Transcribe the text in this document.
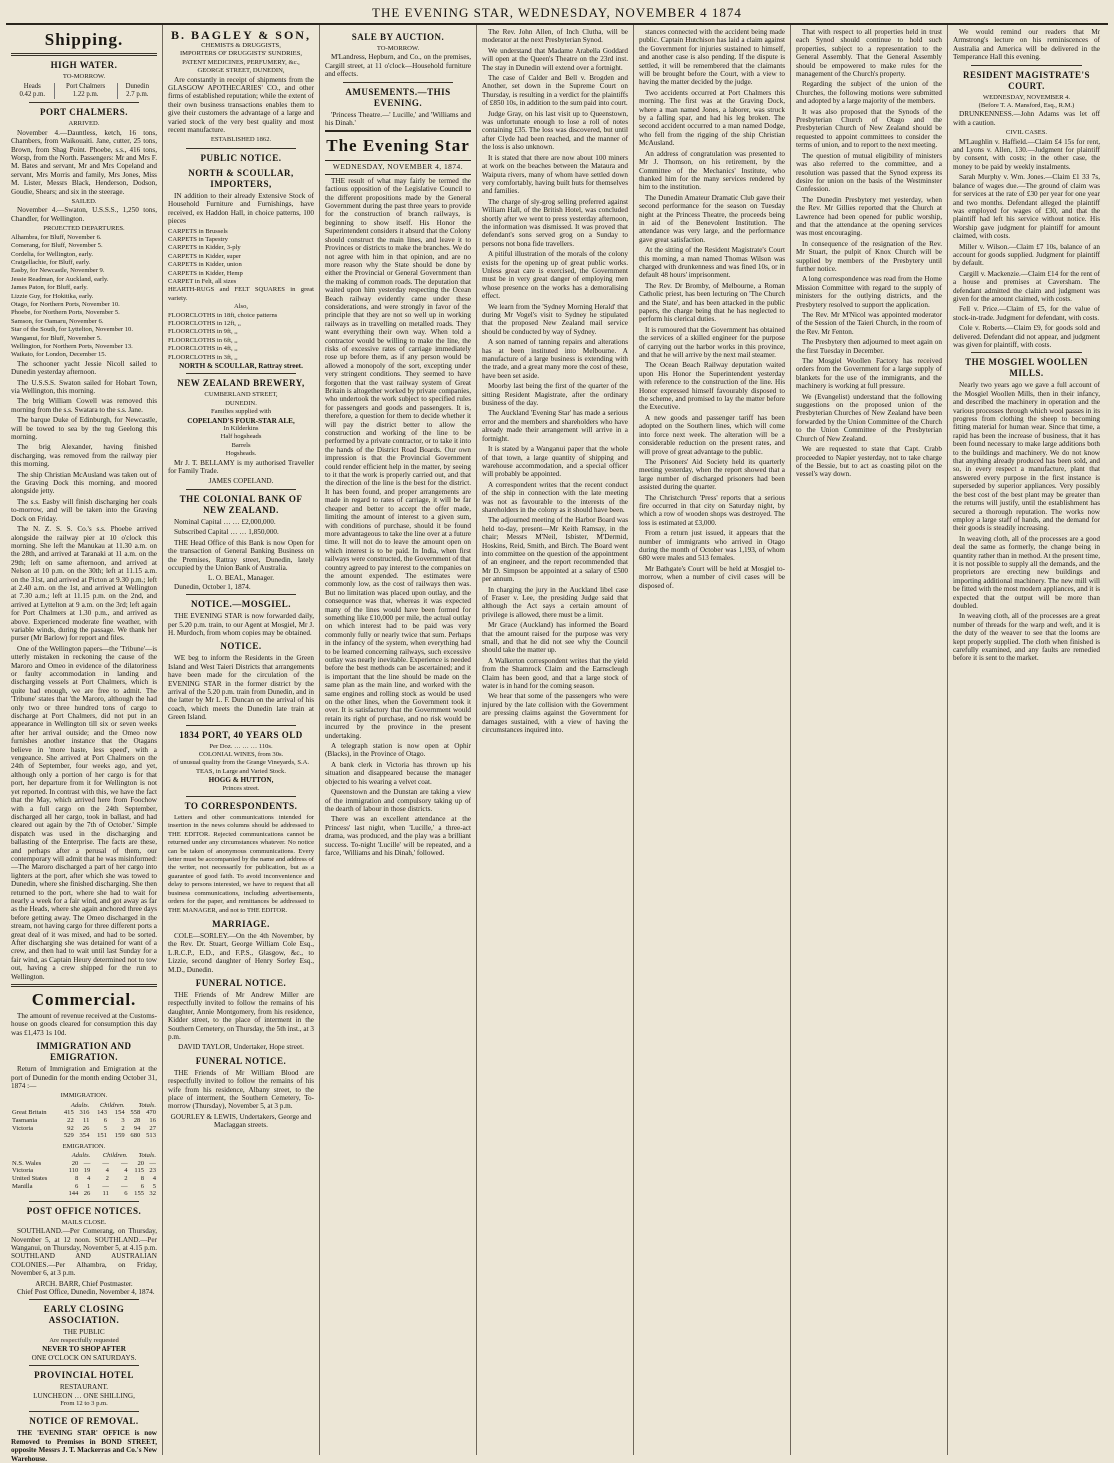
THE EVENING STAR, WEDNESDAY, NOVEMBER 4 1874
Shipping.
HIGH WATER.
TO-MORROW.
Heads
0.42 p.m.	Port Chalmers
1.22 p.m.	Dunedin
2.7 p.m.
PORT CHALMERS.
ARRIVED.

November 4.—Dauntless, ketch, 16 tons, Chambers, from Waikouaiti. Jane, cutter, 25 tons, Brown, from Shag Point. Phoebe, s.s., 416 tons, Worsp, from the North. Passengers: Mr and Mrs F. M. Bates and servant, Mr and Mrs Copeland and servant, Mrs Morris and family, Mrs Jones, Miss M. Lister, Messrs Black, Henderson, Dodson, Goudie, Shears; and six in the steerage.

SAILED.

November 4.—Swaton, U.S.S.S., 1,250 tons, Chandler, for Wellington.

PROJECTED DEPARTURES.
Alhambra, for Bluff, November 6.
Comerang, for Bluff, November 5.
Cordelia, for Wellington, early.
Craigellachie, for Bluff, early.
Easby, for Newcastle, November 9.
Jessie Readman, for Auckland, early.
James Paton, for Bluff, early.
Lizzie Guy, for Hokitika, early.
Otago, for Northern Ports, November 10.
Phoebe, for Northern Ports, November 5.
Samson, for Oamaru, November 6.
Star of the South, for Lyttelton, November 10.
Wanganui, for Bluff, November 5.
Wellington, for Northern Ports, November 13.
Waikato, for London, December 15.

The schooner yacht Jessie Nicoll sailed to Dunedin yesterday afternoon.

The U.S.S.S. Swaton sailed for Hobart Town, via Wellington, this morning.

The brig William Cowell was removed this morning from the s.s. Swatara to the s.s. Jane.

The barque Duke of Edinburgh, for Newcastle, will be towed to sea by the tug Geelong this morning.

The brig Alexander, having finished discharging, was removed from the railway pier this morning.

The ship Christian McAusland was taken out of the Graving Dock this morning, and moored alongside jetty.

The s.s. Easby will finish discharging her coals to-morrow, and will be taken into the Graving Dock on Friday.

The N. Z. S. S. Co.'s s.s. Phoebe arrived alongside the railway pier at 10 o'clock this morning. She left the Manukau at 11.30 a.m. on the 28th, and arrived at Taranaki at 11 a.m. on the 29th; left on same afternoon, and arrived at Nelson at 10 p.m. on the 30th; left at 11.15 a.m. on the 31st, and arrived at Picton at 9.30 p.m.; left at 2.40 a.m. on the 1st, and arrived at Wellington at 7.30 a.m.; left at 11.15 p.m. on the 2nd, and arrived at Lyttelton at 9 a.m. on the 3rd; left again for Port Chalmers at 1.30 p.m., and arrived as above. Experienced moderate fine weather, with variable winds, during the passage. We thank her purser (Mr Barlow) for report and files.

One of the Wellington papers—the 'Tribune'—is utterly mistaken in reckoning the cause of the Maroro and Omeo in evidence of the dilatoriness or faulty accommodation in landing and discharging vessels at Port Chalmers, which is quite bad enough, we are free to admit. The 'Tribune' states that 'the Maroro, although the had only two or three hundred tons of cargo to discharge at Port Chalmers, did not put in an appearance in Wellington till six or seven weeks after her arrival outside; and the Omeo now furnishes another instance that the Otagans believe in 'more haste, less speed', with a vengeance. She arrived at Port Chalmers on the 24th of September, four weeks ago, and yet, although only a portion of her cargo is for that port, her departure from it for Wellington is not yet reported. In contrast with this, we have the fact that the May, which arrived here from Foochow with a full cargo on the 24th September, discharged all her cargo, took in ballast, and had cleared out again by the 7th of October.' Simple dispatch was used in the discharging and ballasting of the Enterprise. The facts are these, and perhaps after a perusal of them, our contemporary will admit that he was misinformed:—The Maroro discharged a part of her cargo into lighters at the port, after which she was towed to Dunedin, where she finished discharging. She then returned to the port, where she had to wait for nearly a week for a fair wind, and got away as far as the Heads, where she again anchored three days before getting away. The Omeo discharged in the stream, not having cargo for three different ports a great deal of it was mixed, and had to be sorted. After discharging she was detained for want of a crew, and then had to wait until last Sunday for a fair wind, as Captain Heury determined not to tow out, having a crew shipped for the run to Wellington.

Commercial.

The amount of revenue received at the Customs-house on goods cleared for consumption this day was £1,473 1s 10d.

IMMIGRATION AND EMIGRATION.

Return of Immigration and Emigration at the port of Dunedin for the month ending October 31, 1874 :—

IMMIGRATION.
	Adults.		Children.		Totals.	
Great Britain	415	316	143	154	558	470
Tasmania	22	11	6	3	28	16
Victoria	92	26	5	2	94	27
	529	354	151	159	680	513
EMIGRATION.
	Adults.		Children.		Totals.	
N.S. Wales	20	—	—	—	20	—
Victoria	110	19	4	4	115	23
United States	8	4	2	2	8	4
Manilla	6	1	—	—	6	5
	144	26	11	6	155	32
POST OFFICE NOTICES.
MAILS CLOSE.

SOUTHLAND.—Per Comerang, on Thursday, November 5, at 12 noon. SOUTHLAND.—Per Wanganui, on Thursday, November 5, at 4.15 p.m. SOUTHLAND AND AUSTRALIAN COLONIES.—Per Alhambra, on Friday, November 6, at 3 p.m.

ARCH. BARR, Chief Postmaster.

Chief Post Office, Dunedin, November 4, 1874.

EARLY CLOSING ASSOCIATION.
THE PUBLIC
Are respectfully requested
NEVER TO SHOP AFTER
ONE O'CLOCK ON SATURDAYS.
PROVINCIAL HOTEL
RESTAURANT.
LUNCHEON … ONE SHILLING,
From 12 to 3 p.m.
NOTICE OF REMOVAL.

THE 'EVENING STAR' OFFICE is now Removed to Premises in BOND STREET, opposite Messrs J. T. Mackerras and Co.'s New Warehouse.

B. BAGLEY & SON,
CHEMISTS & DRUGGISTS,
IMPORTERS OF DRUGGISTS' SUNDRIES, PATENT MEDICINES, PERFUMERY, &c.,
GEORGE STREET, DUNEDIN,

Are constantly in receipt of shipments from the GLASGOW APOTHECARIES' CO., and other firms of established reputation; while the extent of their own business transactions enables them to give their customers the advantage of a large and varied stock of the very best quality and most recent manufacture.

ESTABLISHED 1862.
PUBLIC NOTICE.
NORTH & SCOULLAR, IMPORTERS,

IN addition to their already Extensive Stock of Household Furniture and Furnishings, have received, ex Haddon Hall, in choice patterns, 100 pieces

CARPETS in Brussels
CARPETS in Tapestry
CARPETS in Kidder, 3-ply
CARPETS in Kidder, super
CARPETS in Kidder, union
CARPETS in Kidder, Hemp
CARPET in Felt, all sizes
HEARTH-RUGS and FELT SQUARES in great variety.
Also,
FLOORCLOTHS in 18ft, choice patterns
FLOORCLOTHS in 12ft, ,,
FLOORCLOTHS in 9ft, ,,
FLOORCLOTHS in 6ft, ,,
FLOORCLOTHS in 4ft, ,,
FLOORCLOTHS in 3ft, ,,
NORTH & SCOULLAR, Rattray street.
NEW ZEALAND BREWERY,
CUMBERLAND STREET,
DUNEDIN.
Families supplied with
COPELAND'S FOUR-STAR ALE,
In Kilderkins
Half hogsheads
Barrels
Hogsheads.

Mr J. T. BELLAMY is my authorised Traveller for Family Trade.

JAMES COPELAND.
THE COLONIAL BANK OF NEW ZEALAND.

Nominal Capital … … £2,000,000.

Subscribed Capital … … 1,850,000.

THE Head Office of this Bank is now Open for the transaction of General Banking Business on the Premises, Rattray street, Dunedin, lately occupied by the Union Bank of Australia.

L. O. BEAL, Manager.

Dunedin, October 1, 1874.

NOTICE.—MOSGIEL.

THE EVENING STAR is now forwarded daily, per 5.20 p.m. train, to our Agent at Mosgiel, Mr J. H. Murdoch, from whom copies may be obtained.

NOTICE.

WE beg to inform the Residents in the Green Island and West Taieri Districts that arrangements have been made for the circulation of the EVENING STAR in the former district by the arrival of the 5.20 p.m. train from Dunedin, and in the latter by Mr L. F. Duncan on the arrival of his coach, which meets the Dunedin late train at Green Island.

1834 PORT, 40 YEARS OLD
Per Doz. … … … 110s.
COLONIAL WINES, from 30s.
of unusual quality from the Grange Vineyards, S.A.
TEAS, in Large and Varied Stock.
HOGG & HUTTON,
Princes street.
TO CORRESPONDENTS.

Letters and other communications intended for insertion in the news columns should be addressed to THE EDITOR. Rejected communications cannot be returned under any circumstances whatever. No notice can be taken of anonymous communications. Every letter must be accompanied by the name and address of the writer, not necessarily for publication, but as a guarantee of good faith. To avoid inconvenience and delay to persons interested, we have to request that all business communications, including advertisements, orders for the paper, and remittances be addressed to THE MANAGER, and not to THE EDITOR.

MARRIAGE.

COLE—SORLEY.—On the 4th November, by the Rev. Dr. Stuart, George William Cole Esq., L.R.C.P., E.D., and F.P.S., Glasgow, &c., to Lizzie, second daughter of Henry Sorley Esq., M.D., Dunedin.

FUNERAL NOTICE.

THE Friends of Mr Andrew Miller are respectfully invited to follow the remains of his daughter, Annie Montgomery, from his residence, Kidder street, to the place of interment in the Southern Cemetery, on Thursday, the 5th inst., at 3 p.m.

DAVID TAYLOR, Undertaker, Hope street.
FUNERAL NOTICE.

THE Friends of Mr William Blood are respectfully invited to follow the remains of his wife from his residence, Albany street, to the place of interment, the Southern Cemetery, To-morrow (Thursday), November 5, at 3 p.m.

GOURLEY & LEWIS, Undertakers, George and Maclaggan streets.
SALE BY AUCTION.
TO-MORROW.

M'Landress, Hepburn, and Co., on the premises, Cargill street, at 11 o'clock—Household furniture and effects.

AMUSEMENTS.—THIS EVENING.

'Princess Theatre.—' Lucille,' and 'Williams and his Dinah.'

The Evening Star
WEDNESDAY, NOVEMBER 4, 1874.

THE result of what may fairly be termed the factious opposition of the Legislative Council to the different propositions made by the General Government during the past three years to provide for the construction of branch railways, is beginning to show itself. His Honor the Superintendent considers it absurd that the Colony should construct the main lines, and leave it to Provinces or districts to make the branches. We do not agree with him in that opinion, and are no more reason why the State should be done by either the Provincial or General Government than the making of common roads. The deputation that waited upon him yesterday respecting the Ocean Beach railway evidently came under these considerations, and were strongly in favor of the principle that they are not so well up in working railways as in travelling on metalled roads. They want everything their own way. When told a contractor would be willing to make the line, the risks of excessive rates of carriage immediately rose up before them, as if any person would be allowed a monopoly of the sort, excepting under very stringent conditions. They seemed to have forgotten that the vast railway system of Great Britain is altogether worked by private companies, who undertook the work subject to specified rules for passengers and goods and passengers. It is, therefore, a question for them to decide whether it will pay the district better to allow the construction and working of the line to be performed by a private contractor, or to take it into the hands of the District Road Boards. Our own impression is that the Provincial Government could render efficient help in the matter, by seeing to it that the work is properly carried out, and that the direction of the line is the best for the district. It has been found, and proper arrangements are made in regard to rates of carriage, it will be far cheaper and better to accept the offer made, limiting the amount of interest to a given sum, with conditions of purchase, should it be found more advantageous to take the line over at a future time. It will not do to leave the amount open on which interest is to be paid. In India, when first railways were constructed, the Government of that country agreed to pay interest to the companies on the amount expended. The estimates were commonly low, as the cost of railways then was. But no limitation was placed upon outlay, and the consequence was that, whereas it was expected many of the lines would have been formed for something like £10,000 per mile, the actual outlay on which interest had to be paid was very commonly fully or nearly twice that sum. Perhaps in the infancy of the system, when everything had to be learned concerning railways, such excessive outlay was nearly inevitable. Experience is needed before the best methods can be ascertained; and it is important that the line should be made on the same plan as the main line, and worked with the same engines and rolling stock as would be used on the other lines, when the Government took it over. It is satisfactory that the Government would retain its right of purchase, and no risk would be incurred by the province in the present undertaking.

A telegraph station is now open at Ophir (Blacks), in the Province of Otago.

A bank clerk in Victoria has thrown up his situation and disappeared because the manager objected to his wearing a velvet coat.

Queenstown and the Dunstan are taking a view of the immigration and compulsory taking up of the dearth of labour in those districts.

There was an excellent attendance at the Princess' last night, when 'Lucille,' a three-act drama, was produced, and the play was a brilliant success. To-night 'Lucille' will be repeated, and a farce, 'Williams and his Dinah,' followed.

The Rev. John Allen, of Inch Clutha, will be moderator at the next Presbyterian Synod.

We understand that Madame Arabella Goddard will open at the Queen's Theatre on the 23rd inst. The stay in Dunedin will extend over a fortnight.

The case of Calder and Bell v. Brogden and Another, set down in the Supreme Court on Thursday, is resulting in a verdict for the plaintiffs of £850 10s, in addition to the sum paid into court.

Judge Gray, on his last visit up to Queenstown, was unfortunate enough to lose a roll of notes containing £35. The loss was discovered, but until after Clyde had been reached, and the manner of the loss is also unknown.

It is stated that there are now about 100 miners at work on the beaches between the Mataura and Waiputa rivers, many of whom have settled down very comfortably, having built huts for themselves and families.

The charge of sly-grog selling preferred against William Hall, of the British Hotel, was concluded shortly after we went to press yesterday afternoon, the information was dismissed. It was proved that defendant's sons served grog on a Sunday to persons not bona fide travellers.

A pitiful illustration of the morals of the colony exists for the opening up of great public works. Unless great care is exercised, the Government must be in very great danger of employing men whose presence on the works has a demoralising effect.

We learn from the 'Sydney Morning Herald' that during Mr Vogel's visit to Sydney he stipulated that the proposed New Zealand mail service should be conducted by way of Sydney.

A son named of tanning repairs and alterations has at been instituted into Melbourne. A manufacture of a large business is extending with the trade, and a great many more the cost of these, have been set aside.

Moorby last being the first of the quarter of the sitting Resident Magistrate, after the ordinary business of the day.

The Auckland 'Evening Star' has made a serious error and the members and shareholders who have already made their arrangement will arrive in a fortnight.

It is stated by a Wanganui paper that the whole of that town, a large quantity of shipping and warehouse accommodation, and a special officer will probably be appointed.

A correspondent writes that the recent conduct of the ship in connection with the late meeting was not as favourable to the interests of the shareholders in the colony as it should have been.

The adjourned meeting of the Harbor Board was held to-day, present—Mr Keith Ramsay, in the chair; Messrs M'Neil, Isbister, M'Dermid, Hoskins, Reid, Smith, and Birch. The Board went into committee on the question of the appointment of an engineer, and the report recommended that Mr D. Simpson be appointed at a salary of £500 per annum.

In charging the jury in the Auckland libel case of Fraser v. Lee, the presiding Judge said that although the Act says a certain amount of privilege is allowed, there must be a limit.

Mr Grace (Auckland) has informed the Board that the amount raised for the purpose was very small, and that he did not see why the Council should take the matter up.

A Walkerton correspondent writes that the yield from the Shamrock Claim and the Earnscleugh Claim has been good, and that a large stock of water is in hand for the coming season.

We hear that some of the passengers who were injured by the late collision with the Government are pressing claims against the Government for damages sustained, with a view of having the circumstances inquired into.

stances connected with the accident being made public. Captain Hutchison has laid a claim against the Government for injuries sustained to himself, and another case is also pending. If the dispute is settled, it will be remembered that the claimants will be brought before the Court, with a view to having the matter decided by the judge.

Two accidents occurred at Port Chalmers this morning. The first was at the Graving Dock, where a man named Jones, a laborer, was struck by a falling spar, and had his leg broken. The second accident occurred to a man named Dodge, who fell from the rigging of the ship Christian McAusland.

An address of congratulation was presented to Mr J. Thomson, on his retirement, by the Committee of the Mechanics' Institute, who thanked him for the many services rendered by him to the institution.

The Dunedin Amateur Dramatic Club gave their second performance for the season on Tuesday night at the Princess Theatre, the proceeds being in aid of the Benevolent Institution. The attendance was very large, and the performance gave great satisfaction.

At the sitting of the Resident Magistrate's Court this morning, a man named Thomas Wilson was charged with drunkenness and was fined 10s, or in default 48 hours' imprisonment.

The Rev. Dr Bromby, of Melbourne, a Roman Catholic priest, has been lecturing on 'The Church and the State', and has been attacked in the public papers, the charge being that he has neglected to perform his clerical duties.

It is rumoured that the Government has obtained the services of a skilled engineer for the purpose of carrying out the harbor works in this province, and that he will arrive by the next mail steamer.

The Ocean Beach Railway deputation waited upon His Honor the Superintendent yesterday with reference to the construction of the line. His Honor expressed himself favourably disposed to the scheme, and promised to lay the matter before the Executive.

A new goods and passenger tariff has been adopted on the Southern lines, which will come into force next week. The alteration will be a considerable reduction on the present rates, and will prove of great advantage to the public.

The Prisoners' Aid Society held its quarterly meeting yesterday, when the report showed that a large number of discharged prisoners had been assisted during the quarter.

The Christchurch 'Press' reports that a serious fire occurred in that city on Saturday night, by which a row of wooden shops was destroyed. The loss is estimated at £3,000.

From a return just issued, it appears that the number of immigrants who arrived in Otago during the month of October was 1,193, of whom 680 were males and 513 females.

Mr Bathgate's Court will be held at Mosgiel to-morrow, when a number of civil cases will be disposed of.

That with respect to all properties held in trust each Synod should continue to hold such properties, subject to a representation to the General Assembly. That the General Assembly should be empowered to make rules for the management of the Church's property.

Regarding the subject of the union of the Churches, the following motions were submitted and adopted by a large majority of the members.

It was also proposed that the Synods of the Presbyterian Church of Otago and the Presbyterian Church of New Zealand should be requested to appoint committees to consider the terms of union, and to report to the next meeting.

The question of mutual eligibility of ministers was also referred to the committee, and a resolution was passed that the Synod express its desire for union on the basis of the Westminster Confession.

The Dunedin Presbytery met yesterday, when the Rev. Mr Gillies reported that the Church at Lawrence had been opened for public worship, and that the attendance at the opening services was most encouraging.

In consequence of the resignation of the Rev. Mr Stuart, the pulpit of Knox Church will be supplied by members of the Presbytery until further notice.

A long correspondence was read from the Home Mission Committee with regard to the supply of ministers for the outlying districts, and the Presbytery resolved to support the application.

The Rev. Mr M'Nicol was appointed moderator of the Session of the Taieri Church, in the room of the Rev. Mr Fenton.

The Presbytery then adjourned to meet again on the first Tuesday in December.

The Mosgiel Woollen Factory has received orders from the Government for a large supply of blankets for the use of the immigrants, and the machinery is working at full pressure.

We (Evangelist) understand that the following suggestions on the proposed union of the Presbyterian Churches of New Zealand have been forwarded by the Union Committee of the Church to the Union Committee of the Presbyterian Church of New Zealand.

We are requested to state that Capt. Crabb proceeded to Napier yesterday, not to take charge of the Bessie, but to act as coasting pilot on the vessel's way down.

We would remind our readers that Mr Armstrong's lecture on his reminiscences of Australia and America will be delivered in the Temperance Hall this evening.

RESIDENT MAGISTRATE'S COURT.
WEDNESDAY, NOVEMBER 4.
(Before T. A. Mansford, Esq., R.M.)

DRUNKENNESS.—John Adams was let off with a caution.

CIVIL CASES.

M'Laughlin v. Haffield.—Claim £4 15s for rent, and Lyons v. Allen, 130.—Judgment for plaintiff by consent, with costs; in the other case, the money to be paid by weekly instalments.

Sarah Murphy v. Wm. Jones.—Claim £1 33 7s, balance of wages due.—The ground of claim was for services at the rate of £30 per year for one year and two months. Defendant alleged the plaintiff was employed for wages of £30, and that the plaintiff had left his service without notice. His Worship gave judgment for plaintiff for amount claimed, with costs.

Miller v. Wilson.—Claim £7 10s, balance of an account for goods supplied. Judgment for plaintiff by default.

Cargill v. Mackenzie.—Claim £14 for the rent of a house and premises at Caversham. The defendant admitted the claim and judgment was given for the amount claimed, with costs.

Fell v. Price.—Claim of £5, for the value of stock-in-trade. Judgment for defendant, with costs.

Cole v. Roberts.—Claim £9, for goods sold and delivered. Defendant did not appear, and judgment was given for plaintiff, with costs.

THE MOSGIEL WOOLLEN MILLS.

Nearly two years ago we gave a full account of the Mosgiel Woollen Mills, then in their infancy, and described the machinery in operation and the various processes through which wool passes in its progress from clothing the sheep to becoming fitting material for human wear. Since that time, a rapid has been the increase of business, that it has been found necessary to make large additions both to the buildings and machinery. We do not know that anything already produced has been sold, and so, in every respect a manufacture, plant that answered every purpose in the first instance is superseded by superior appliances. Very possibly the best cost of the best plant may be greater than the returns will justify, until the establishment has secured a thorough reputation. The works now employ a large staff of hands, and the demand for their goods is steadily increasing.

In weaving cloth, all of the processes are a good deal the same as formerly, the change being in quantity rather than in method. At the present time, it is not possible to supply all the demands, and the proprietors are erecting new buildings and importing additional machinery. The new mill will be fitted with the most modern appliances, and it is expected that the output will be more than doubled.

In weaving cloth, all of the processes are a great number of threads for the warp and weft, and it is the duty of the weaver to see that the looms are kept properly supplied. The cloth when finished is carefully examined, and any faults are remedied before it is sent to the market.
